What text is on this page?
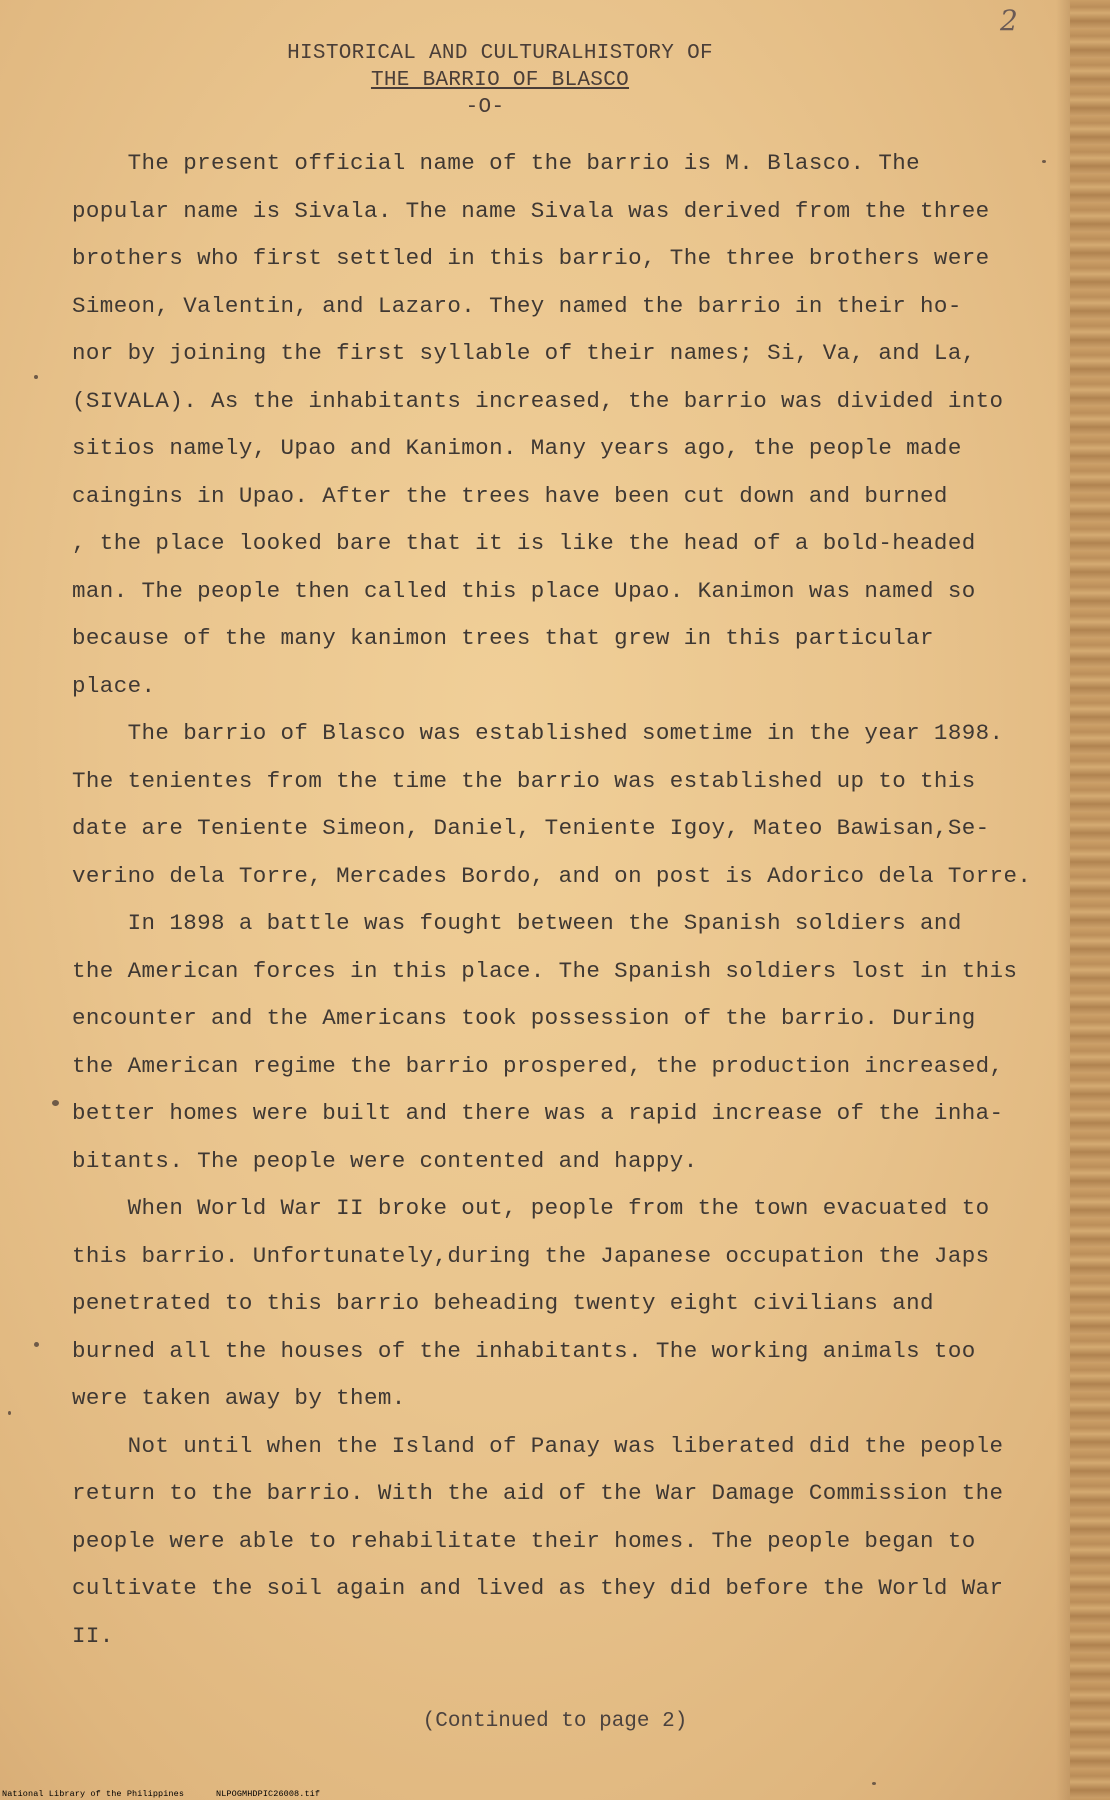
2
HISTORICAL AND CULTURALHISTORY OF
THE BARRIO OF BLASCO
-O-

The present official name of the barrio is M. Blasco. The

popular name is Sivala. The name Sivala was derived from the three

brothers who first settled in this barrio, The three brothers were

Simeon, Valentin, and Lazaro. They named the barrio in their ho-

nor by joining the first syllable of their names; Si, Va, and La,

(SIVALA). As the inhabitants increased, the barrio was divided into

sitios namely, Upao and Kanimon. Many years ago, the people made

caingins in Upao. After the trees have been cut down and burned

, the place looked bare that it is like the head of a bold-headed

man. The people then called this place Upao. Kanimon was named so

because of the many kanimon trees that grew in this particular

place.

The barrio of Blasco was established sometime in the year 1898.

The tenientes from the time the barrio was established up to this

date are Teniente Simeon, Daniel, Teniente Igoy, Mateo Bawisan,Se-

verino dela Torre, Mercades Bordo, and on post is Adorico dela Torre.

In 1898 a battle was fought between the Spanish soldiers and

the American forces in this place. The Spanish soldiers lost in this

encounter and the Americans took possession of the barrio. During

the American regime the barrio prospered, the production increased,

better homes were built and there was a rapid increase of the inha-

bitants. The people were contented and happy.

When World War II broke out, people from the town evacuated to

this barrio. Unfortunately,during the Japanese occupation the Japs

penetrated to this barrio beheading twenty eight civilians and

burned all the houses of the inhabitants. The working animals too

were taken away by them.

Not until when the Island of Panay was liberated did the people

return to the barrio. With the aid of the War Damage Commission the

people were able to rehabilitate their homes. The people began to

cultivate the soil again and lived as they did before the World War

II.

(Continued to page 2)
National Library of the Philippines	NLPOGMHDPIC26008.tif
